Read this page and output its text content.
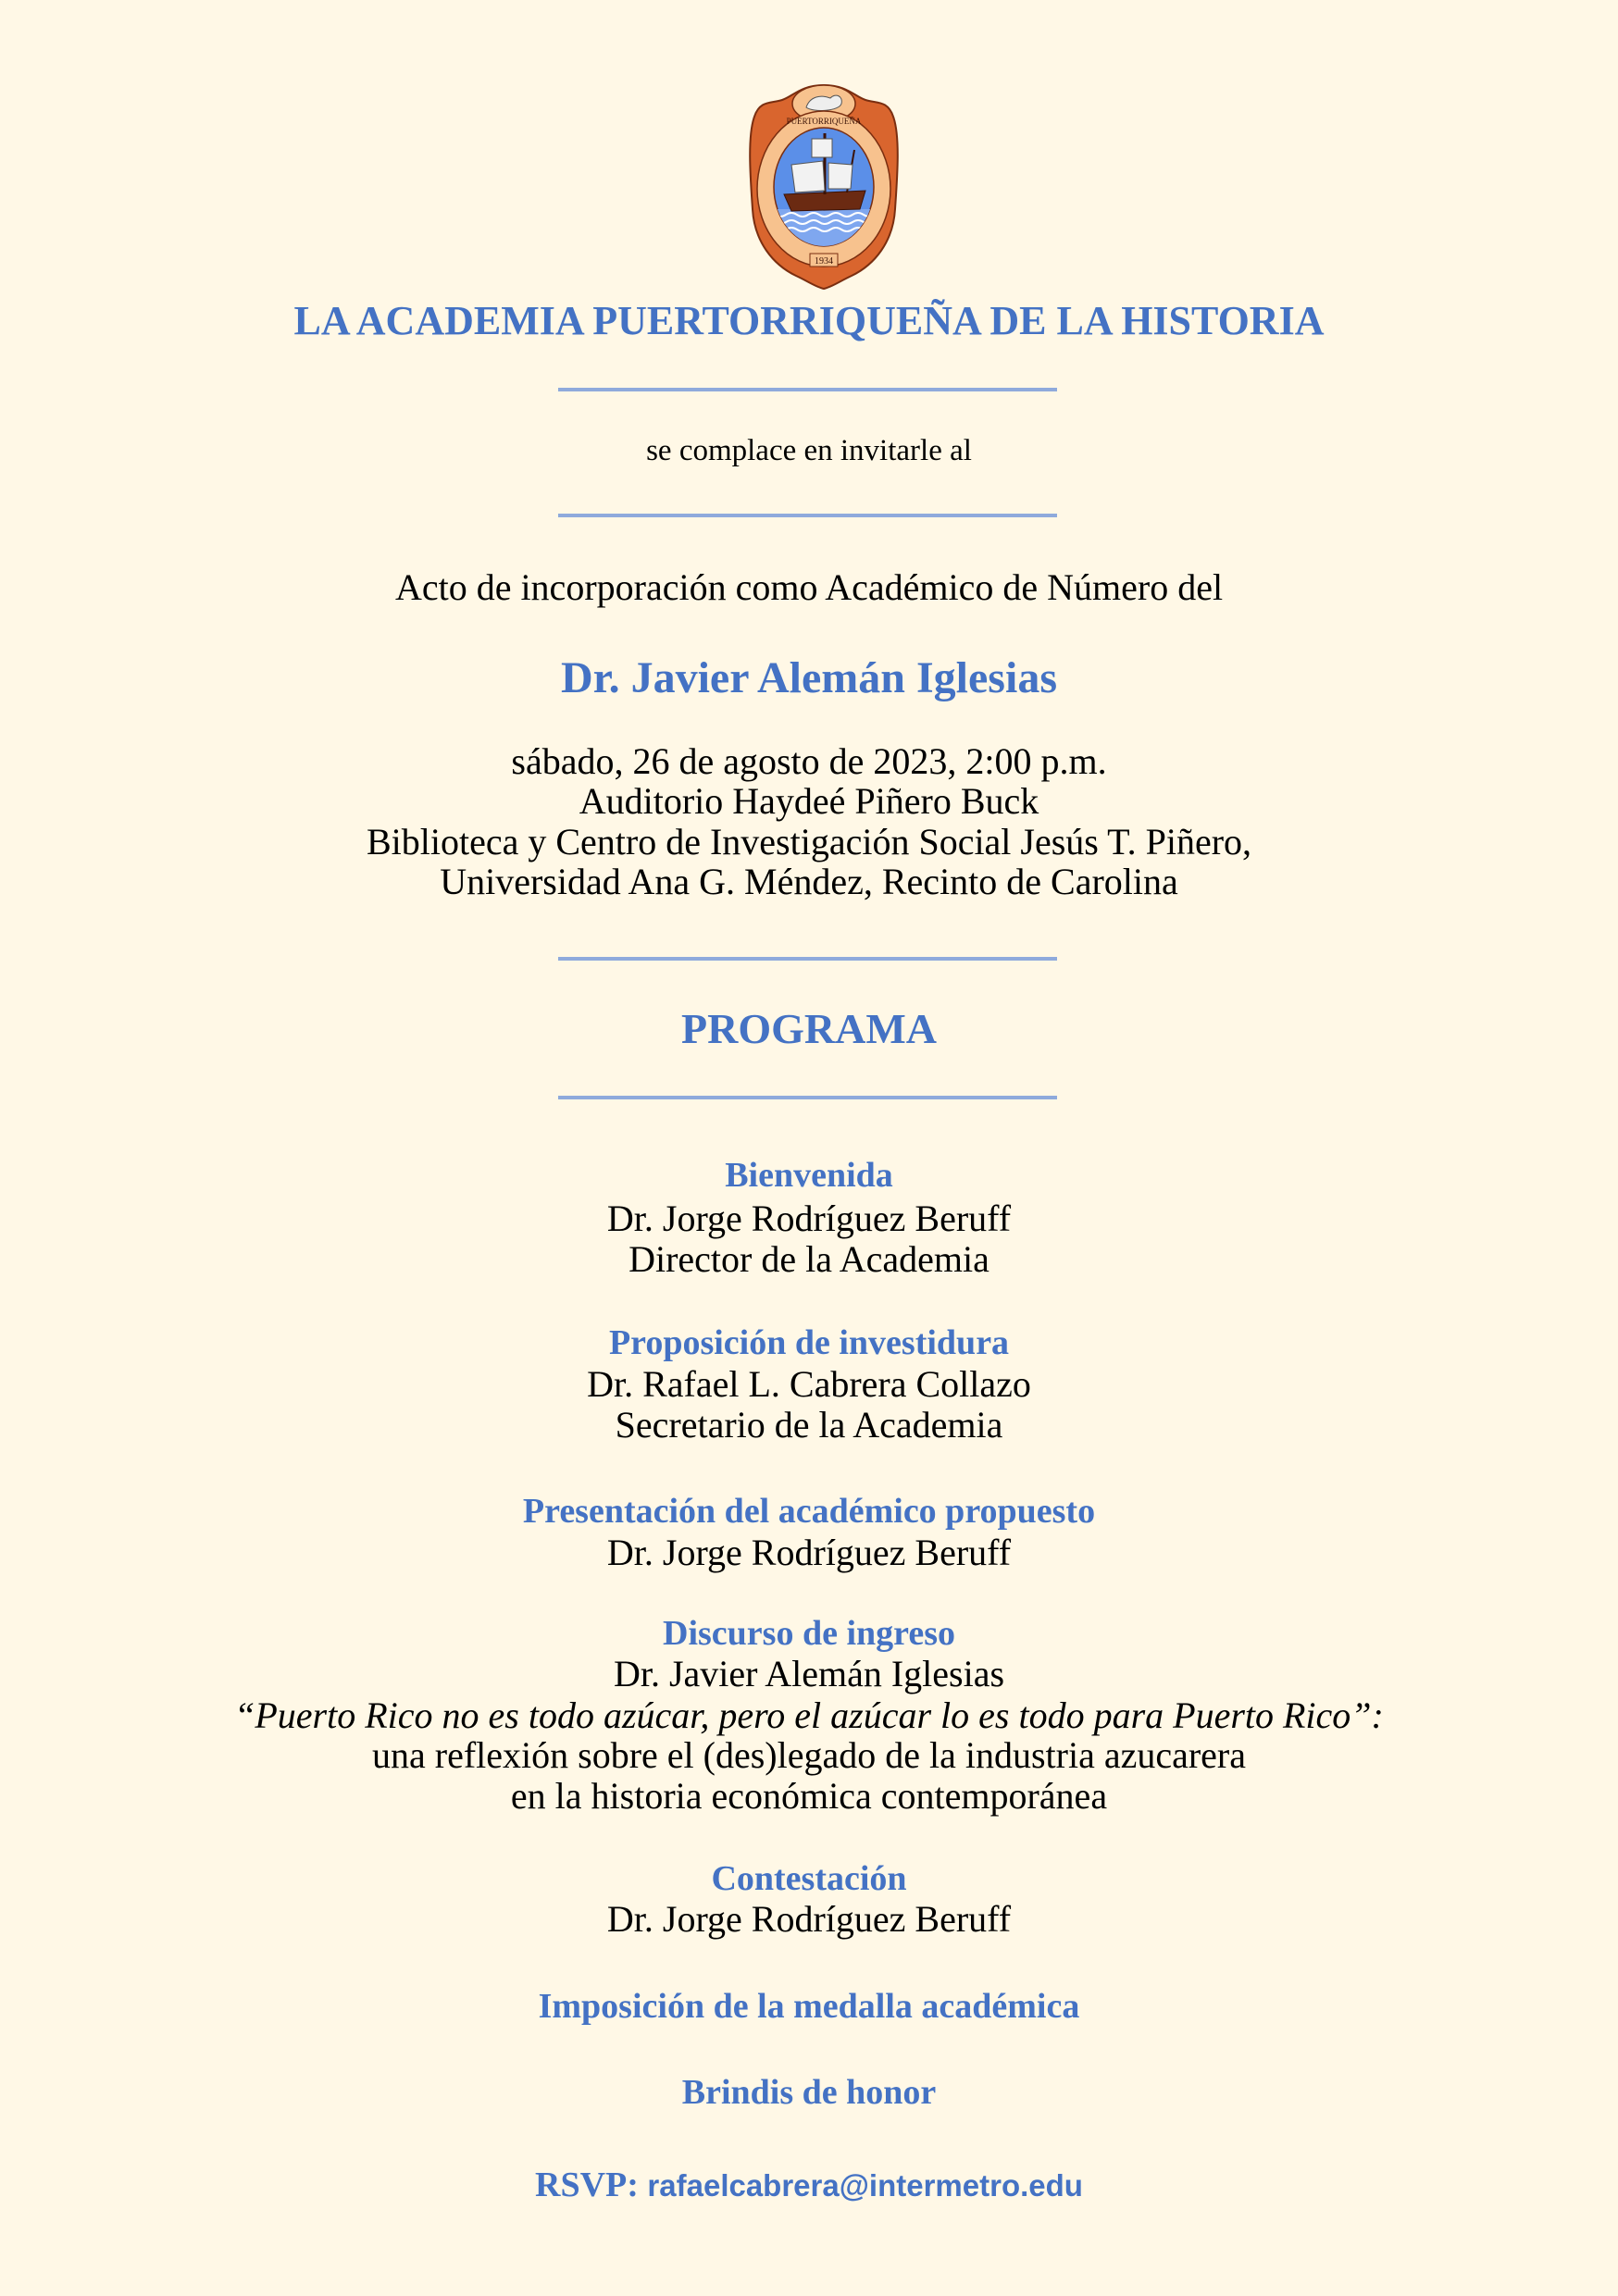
1934
PUERTORRIQUEÑA
LA ACADEMIA PUERTORRIQUEÑA DE LA HISTORIA
se complace en invitarle al
Acto de incorporación como Académico de Número del
Dr. Javier Alemán Iglesias
sábado, 26 de agosto de 2023, 2:00 p.m.
Auditorio Haydeé Piñero Buck
Biblioteca y Centro de Investigación Social Jesús T. Piñero,
Universidad Ana G. Méndez, Recinto de Carolina
PROGRAMA
Bienvenida
Dr. Jorge Rodríguez Beruff
Director de la Academia
Proposición de investidura
Dr. Rafael L. Cabrera Collazo
Secretario de la Academia
Presentación del académico propuesto
Dr. Jorge Rodríguez Beruff
Discurso de ingreso
Dr. Javier Alemán Iglesias
“Puerto Rico no es todo azúcar, pero el azúcar lo es todo para Puerto Rico”:
una reflexión sobre el (des)legado de la industria azucarera
en la historia económica contemporánea
Contestación
Dr. Jorge Rodríguez Beruff
Imposición de la medalla académica
Brindis de honor
RSVP: rafaelcabrera@intermetro.edu
